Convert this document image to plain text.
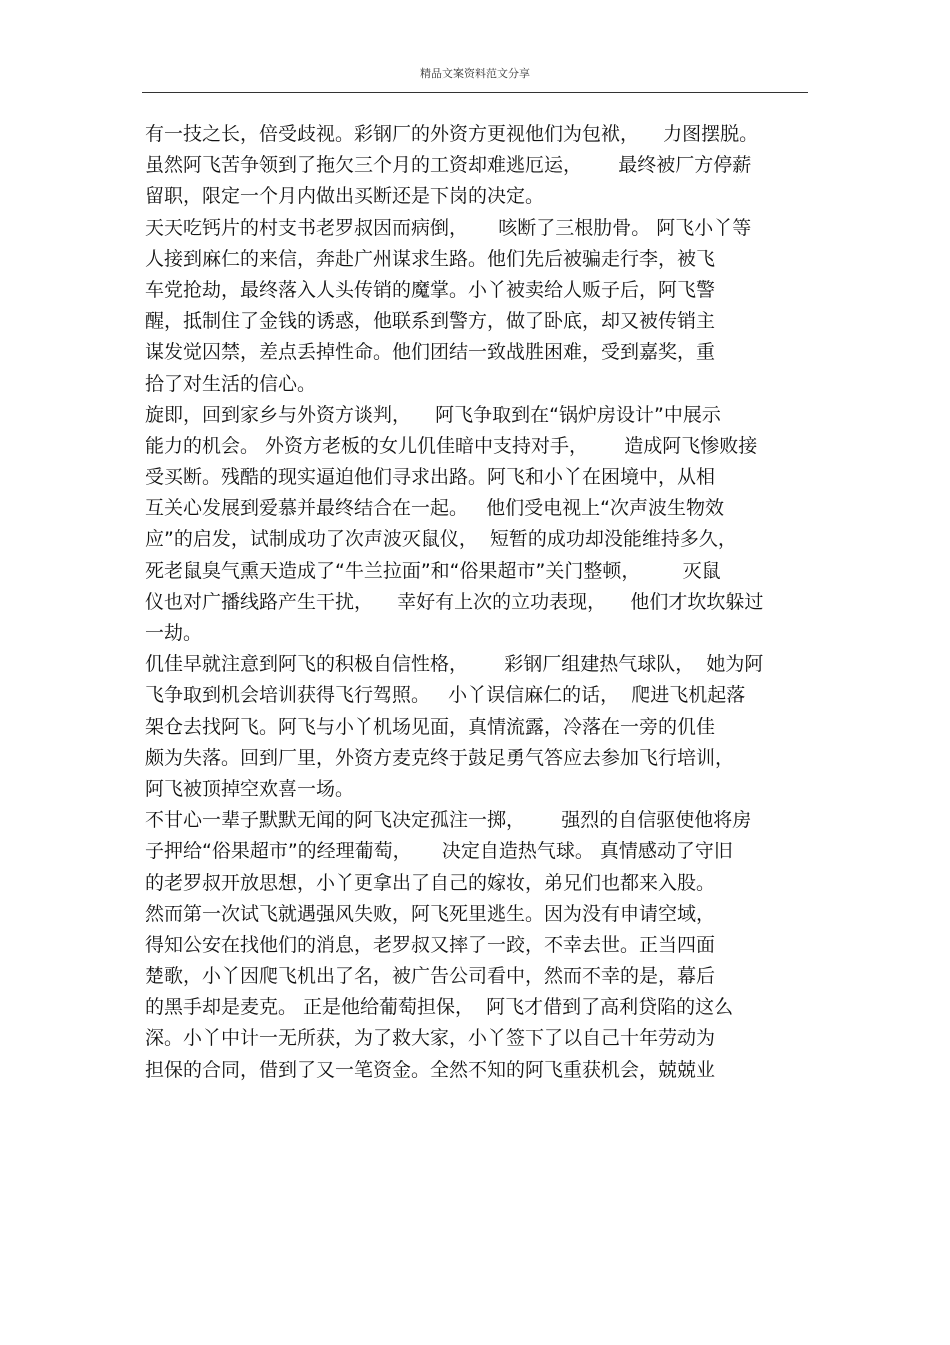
精品文案资料范文分享
有一技之长，倍受歧视。彩钢厂的外资方更视他们为包袱，    力图摆脱。
虽然阿飞苦争领到了拖欠三个月的工资却难逃厄运，      最终被厂方停薪
留职，限定一个月内做出买断还是下岗的决定。
天天吃钙片的村支书老罗叔因而病倒，     咳断了三根肋骨。 阿飞小丫等
人接到麻仁的来信，奔赴广州谋求生路。他们先后被骗走行李，被飞
车党抢劫，最终落入人头传销的魔掌。小丫被卖给人贩子后，阿飞警
醒，抵制住了金钱的诱惑，他联系到警方，做了卧底，却又被传销主
谋发觉囚禁，差点丢掉性命。他们团结一致战胜困难，受到嘉奖，重
拾了对生活的信心。
旋即，回到家乡与外资方谈判，    阿飞争取到在“锅炉房设计”中展示
能力的机会。 外资方老板的女儿仉佳暗中支持对手，      造成阿飞惨败接
受买断。残酷的现实逼迫他们寻求出路。阿飞和小丫在困境中，从相
互关心发展到爱慕并最终结合在一起。   他们受电视上“次声波生物效
应”的启发，试制成功了次声波灭鼠仪，  短暂的成功却没能维持多久，
死老鼠臭气熏天造成了“牛兰拉面”和“俗果超市”关门整顿，       灭鼠
仪也对广播线路产生干扰，    幸好有上次的立功表现，    他们才坎坎躲过
一劫。
仉佳早就注意到阿飞的积极自信性格，      彩钢厂组建热气球队，  她为阿
飞争取到机会培训获得飞行驾照。   小丫误信麻仁的话，  爬进飞机起落
架仓去找阿飞。阿飞与小丫机场见面，真情流露，冷落在一旁的仉佳
颇为失落。回到厂里，外资方麦克终于鼓足勇气答应去参加飞行培训，
阿飞被顶掉空欢喜一场。
不甘心一辈子默默无闻的阿飞决定孤注一掷，      强烈的自信驱使他将房
子押给“俗果超市”的经理葡萄，     决定自造热气球。 真情感动了守旧
的老罗叔开放思想，小丫更拿出了自己的嫁妆，弟兄们也都来入股。
然而第一次试飞就遇强风失败，阿飞死里逃生。因为没有申请空域，
得知公安在找他们的消息，老罗叔又摔了一跤，不幸去世。正当四面
楚歌，小丫因爬飞机出了名，被广告公司看中，然而不幸的是，幕后
的黑手却是麦克。 正是他给葡萄担保，  阿飞才借到了高利贷陷的这么
深。小丫中计一无所获，为了救大家，小丫签下了以自己十年劳动为
担保的合同，借到了又一笔资金。全然不知的阿飞重获机会，兢兢业
